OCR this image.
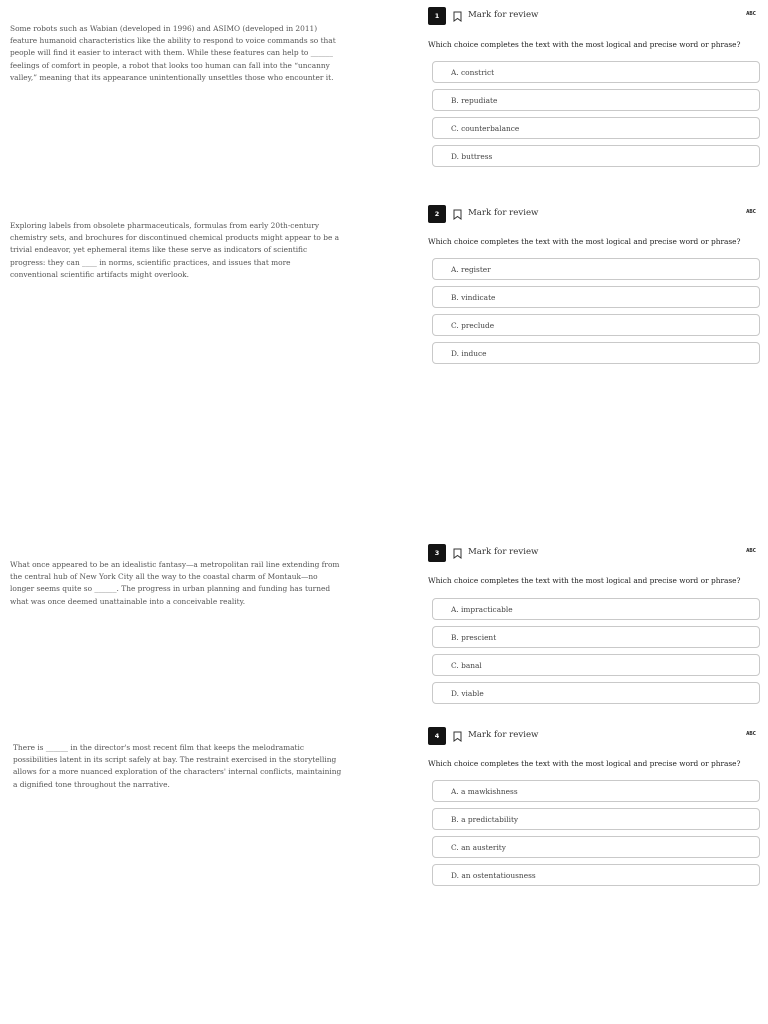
Some robots such as Wabian (developed in 1996) and ASIMO (developed in 2011) feature humanoid characteristics like the ability to respond to voice commands so that people will find it easier to interact with them. While these features can help to ______ feelings of comfort in people, a robot that looks too human can fall into the “uncanny valley,” meaning that its appearance unintentionally unsettles those who encounter it.
1	Mark for review	ABC
Which choice completes the text with the most logical and precise word or phrase?
A. constrict
B. repudiate
C. counterbalance
D. buttress
Exploring labels from obsolete pharmaceuticals, formulas from early 20th-century chemistry sets, and brochures for discontinued chemical products might appear to be a trivial endeavor, yet ephemeral items like these serve as indicators of scientific progress: they can ____ in norms, scientific practices, and issues that more conventional scientific artifacts might overlook.
2	Mark for review	ABC
Which choice completes the text with the most logical and precise word or phrase?
A. register
B. vindicate
C. preclude
D. induce
What once appeared to be an idealistic fantasy—a metropolitan rail line extending from the central hub of New York City all the way to the coastal charm of Montauk—no longer seems quite so ______. The progress in urban planning and funding has turned what was once deemed unattainable into a conceivable reality.
3	Mark for review	ABC
Which choice completes the text with the most logical and precise word or phrase?
A. impracticable
B. prescient
C. banal
D. viable
There is ______ in the director's most recent film that keeps the melodramatic possibilities latent in its script safely at bay. The restraint exercised in the storytelling allows for a more nuanced exploration of the characters' internal conflicts, maintaining a dignified tone throughout the narrative.
4	Mark for review	ABC
Which choice completes the text with the most logical and precise word or phrase?
A. a mawkishness
B. a predictability
C. an austerity
D. an ostentatiousness
